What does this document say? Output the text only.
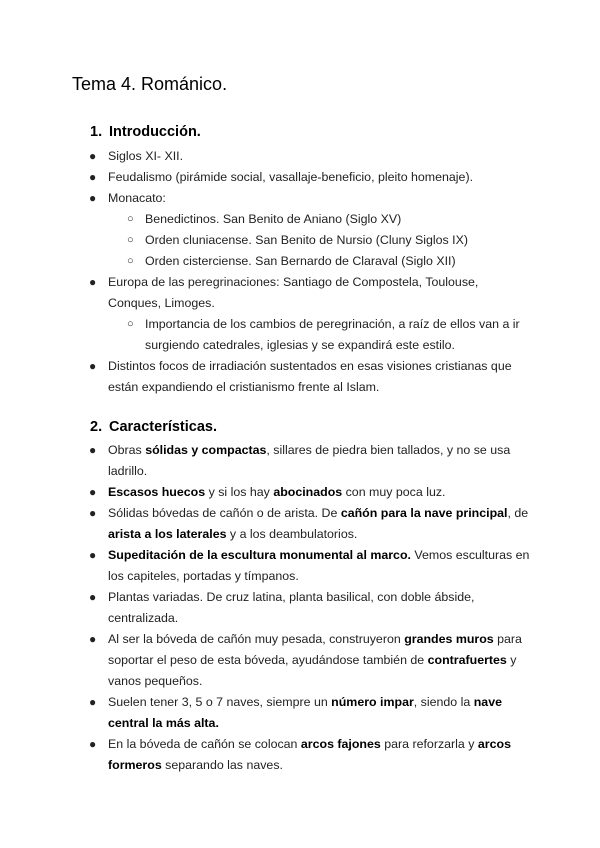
Tema 4. Románico.
1. Introducción.
● Siglos XI- XII.
● Feudalismo (pirámide social, vasallaje-beneficio, pleito homenaje).
● Monacato:
○ Benedictinos. San Benito de Aniano (Siglo XV)
○ Orden cluniacense. San Benito de Nursio (Cluny Siglos IX)
○ Orden cisterciense. San Bernardo de Claraval (Siglo XII)
● Europa de las peregrinaciones: Santiago de Compostela, Toulouse, Conques, Limoges.
○ Importancia de los cambios de peregrinación, a raíz de ellos van a ir surgiendo catedrales, iglesias y se expandirá este estilo.
● Distintos focos de irradiación sustentados en esas visiones cristianas que están expandiendo el cristianismo frente al Islam.
2. Características.
● Obras sólidas y compactas, sillares de piedra bien tallados, y no se usa ladrillo.
● Escasos huecos y si los hay abocinados con muy poca luz.
● Sólidas bóvedas de cañón o de arista. De cañón para la nave principal, de arista a los laterales y a los deambulatorios.
● Supeditación de la escultura monumental al marco. Vemos esculturas en los capiteles, portadas y tímpanos.
● Plantas variadas. De cruz latina, planta basilical, con doble ábside, centralizada.
● Al ser la bóveda de cañón muy pesada, construyeron grandes muros para soportar el peso de esta bóveda, ayudándose también de contrafuertes y vanos pequeños.
● Suelen tener 3, 5 o 7 naves, siempre un número impar, siendo la nave central la más alta.
● En la bóveda de cañón se colocan arcos fajones para reforzarla y arcos formeros separando las naves.
